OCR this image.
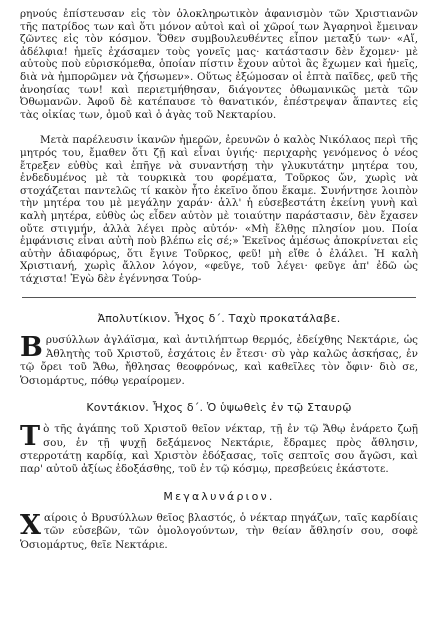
ρηνούς ἐπίστευσαν εἰς τὸν ὁλοκληρωτικὸν ἀφανισμὸν τῶν Χριστιανῶν τῆς πατρίδος των καὶ ὅτι μόνον αὐτοὶ καὶ οἱ χῶροί των Ἀγαρηνοὶ ἔμειναν ζῶντες εἰς τὸν κόσμον. Ὅθεν συμβουλευθέντες εἶπον μεταξύ των· «Αἴ, ἀδέλφια! ἡμεῖς ἐχάσαμεν τοὺς γονεῖς μας· κατάστασιν δὲν ἔχομεν· μὲ αὐτοὺς ποὺ εὑρισκόμεθα, ὁποίαν πίστιν ἔχουν αὐτοὶ ἂς ἔχωμεν καὶ ἡμεῖς, διὰ νὰ ἠμπορῶμεν νὰ ζήσωμεν». Οὕτως ἐξώμοσαν οἱ ἑπτὰ παῖδες, φεῦ τῆς ἀνοησίας των! καὶ περιετμήθησαν, διάγοντες ὀθωμανικῶς μετὰ τῶν Ὀθωμανῶν. Ἀφοῦ δὲ κατέπαυσε τὸ θανατικόν, ἐπέστρεψαν ἅπαντες εἰς τὰς οἰκίας των, ὁμοῦ καὶ ὁ ἀγὰς τοῦ Νεκταρίου.

Μετὰ παρέλευσιν ἱκανῶν ἡμερῶν, ἐρευνῶν ὁ καλὸς Νικόλαος περὶ τῆς μητρός του, ἔμαθεν ὅτι ζῇ καὶ εἶναι ὑγιής· περιχαρὴς γενόμενος ὁ νέος ἔτρεξεν εὐθὺς καὶ ἐπῆγε νὰ συναντήσῃ τὴν γλυκυτάτην μητέρα του, ἐνδεδυμένος μὲ τὰ τουρκικὰ του φορέματα, Τοῦρκος ὤν, χωρὶς νὰ στοχάζεται παντελῶς τί κακὸν ἦτο ἐκεῖνο ὅπου ἔκαμε. Συνήντησε λοιπὸν τὴν μητέρα του μὲ μεγάλην χαράν· ἀλλ' ἡ εὐσεβεστάτη ἐκείνη γυνὴ καὶ καλὴ μητέρα, εὐθὺς ὡς εἶδεν αὐτὸν μὲ τοιαύτην παράστασιν, δὲν ἔχασεν οὔτε στιγμήν, ἀλλὰ λέγει πρὸς αὐτόν· «Μὴ ἔλθῃς πλησίον μου. Ποία ἐμφάνισις εἶναι αὐτὴ ποὺ βλέπω εἰς σέ;» Ἐκεῖνος ἀμέσως ἀποκρίνεται εἰς αὐτὴν ἀδιαφόρως, ὅτι ἔγινε Τοῦρκος, φεῦ! μὴ εἴθε ὁ ἐλάλει. Ἡ καλὴ Χριστιανή, χωρὶς ἄλλον λόγον, «φεῦγε, τοῦ λέγει· φεῦγε ἀπ' ἐδῶ ὡς τάχιστα! Ἐγὼ δὲν ἐγέννησα Τούρ-

Ἀπολυτίκιον. Ἦχος δ΄. Ταχὺ προκατάλαβε.
Β ρυσύλλων ἀγλάϊσμα, καὶ ἀντιλήπτωρ θερμός, ἐδείχθης Νεκτάριε, ὡς Ἀθλητὴς τοῦ Χριστοῦ, ἐσχάτοις ἐν ἔτεσι· σὺ γὰρ καλῶς ἀσκήσας, ἐν τῷ ὄρει τοῦ Ἄθω, ἤθλησας θεοφρόνως, καὶ καθεῖλες τὸν ὄφιν· διὸ σε, Ὁσιομάρτυς, πόθῳ γεραίρομεν.
Κοντάκιον. Ἦχος δ΄. Ὁ ὑψωθεὶς ἐν τῷ Σταυρῷ
Τ ὸ τῆς ἀγάπης τοῦ Χριστοῦ θεῖον νέκταρ, τῇ ἐν τῷ Ἄθῳ ἐνάρετο ζωῇ σου, ἐν τῇ ψυχῇ δεξάμενος Νεκτάριε, ἔδραμες πρὸς ἄθλησιν, στερροτάτῃ καρδίᾳ, καὶ Χριστὸν ἐδόξασας, τοῖς σεπτοῖς σου ἄγῶσι, καὶ παρ' αὐτοῦ ἀξίως ἐδοξάσθης, τοῦ ἐν τῷ κόσμῳ, πρεσβεύεις ἑκάστοτε.
Μεγαλυνάριον.
Χ αίροις ὁ Βρυσύλλων θεῖος βλαστός, ὁ νέκταρ πηγάζων, ταῖς καρδίαις τῶν εὐσεβῶν, τῶν ὁμολογούντων, τὴν θείαν ἄθλησίν σου, σοφὲ Ὁσιομάρτυς, θεῖε Νεκτάριε.
